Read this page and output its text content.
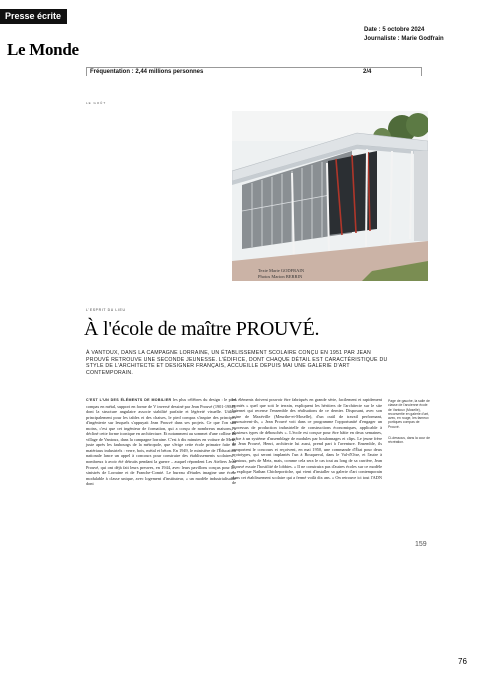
Presse écrite
Le Monde
Date : 5 octobre 2024
Journaliste : Marie Godfrain
Fréquentation : 2,44 millions personnes	2/4
LE GOÛT
Texte Marie GODFRAIN
Photos Marion BERRIN
L'ESPRIT DU LIEU
À l'école de maître PROUVÉ.
À VANTOUX, DANS LA CAMPAGNE LORRAINE, UN ÉTABLISSEMENT SCOLAIRE CONÇU EN 1951 PAR JEAN PROUVÉ RETROUVE UNE SECONDE JEUNESSE. L'ÉDIFICE, DONT CHAQUE DÉTAIL EST CARACTÉRISTIQUE DU STYLE DE L'ARCHITECTE ET DESIGNER FRANÇAIS, ACCUEILLE DEPUIS MAI UNE GALERIE D'ART CONTEMPORAIN.
C'EST L'UN DES ÉLÉMENTS DE MOBILIER les plus célèbres du design : le pied compas en métal, support en forme de V inversé dessiné par Jean Prouvé (1901-1984), dont la structure angulaire associe stabilité parfaite et légèreté visuelle. Utilisé principalement pour les tables et des chaises, le pied compas s'inspire des principes d'ingénierie sur lesquels s'appuyait Jean Prouvé dans ses projets. Ce que l'on sait moins, c'est que cet ingénieur de formation, qui a conçu de nombreux maisons, a décliné cette forme iconique en architecture. Et notamment au sommet d'une colline du village de Vantoux, dans la campagne lorraine. C'est à dix minutes en voiture de Metz, juste après les faubourgs de la métropole, que s'érige cette école primaire faite de matériaux industriels : verre, bois, métal et béton. En 1949, le ministère de l'Éducation nationale lance un appel à concours pour construire des établissements scolaires – nombreux à avoir été détruits pendant la guerre – auquel répondent Les Ateliers Jean Prouvé, qui ont déjà fait leurs preuves, en 1944, avec leurs pavillons conçus pour les sinistrés de Lorraine et de Franche-Comté. Le bureau d'études imagine une école modulable à classe unique, avec logement d'instituteur, « un modèle industrialisable dont
les éléments doivent pouvoir être fabriqués en grande série, facilement et rapidement montés » quel que soit le terrain, expliquent les héritiers de l'architecte sur le site Internet qui recense l'ensemble des réalisations de ce dernier. Disposant, avec son usine de Maxéville (Meurthe-et-Moselle), d'un outil de travail performant, poursuivent-ils, « Jean Prouvé voit dans ce programme l'opportunité d'engager un processus de production industrielle de constructions économiques, applicable à plusieurs types de débouchés ». L'école est conçue pour être bâtie en deux semaines, grâce à un système d'assemblage de modules par boulonnages et clips. Le jeune frère de Jean Prouvé, Henri, architecte lui aussi, prend part à l'aventure. Ensemble, ils remportent le concours et reçoivent, en mai 1950, une commande d'État pour deux prototypes, qui seront implantés l'un à Bouqueval, dans le Val-d'Oise, et l'autre à Vantoux, près de Metz, mais, comme cela sera le cas tout au long de sa carrière, Jean Prouvé essuie l'hostilité de lobbies. « Il ne construira pas d'autres écoles sur ce modèle », explique Nathan Chicheportiche, qui vient d'installer sa galerie d'art contemporain dans cet établissement scolaire qui a fermé voilà dix ans. « On retrouve ici tout l'ADN de
Page de gauche, la salle de classe de l'ancienne école de Vantoux (Moselle), reconvertie en galerie d'art, avec, en rouge, les fameux portiques compas de Prouvé.
Ci-dessous, dans la cour de récréation.
159
76
